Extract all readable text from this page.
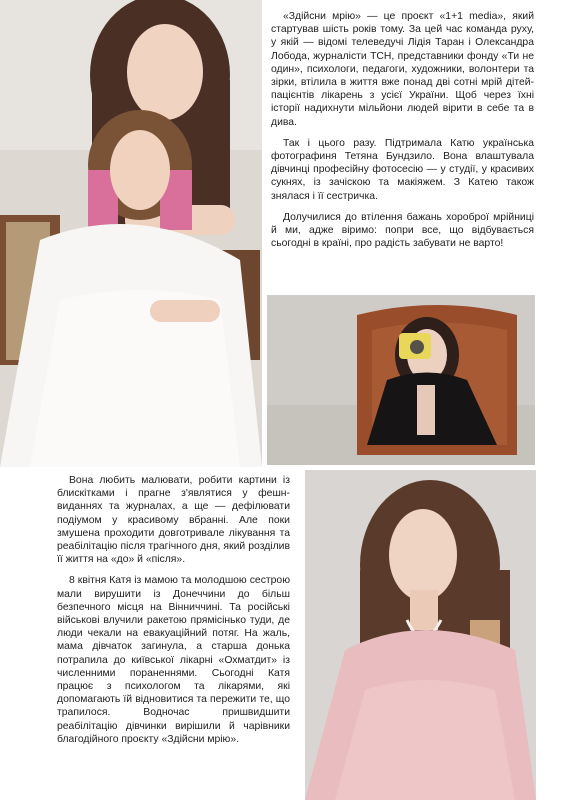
«Здійсни мрію» — це проєкт «1+1 media», який стартував шість років тому. За цей час команда руху, у якій — відомі телеведучі Лідія Таран і Олександра Лобода, журналісти ТСН, представники фонду «Ти не один», психологи, педагоги, художники, волонтери та зірки, втілила в життя вже понад дві сотні мрій дітей-пацієнтів лікарень з усієї України. Щоб через їхні історії надихнути мільйони людей вірити в себе та в дива.

Так і цього разу. Підтримала Катю українська фотографиня Тетяна Бундзило. Вона влаштувала дівчинці професійну фотосесію — у студії, у красивих сукнях, із зачіскою та макіяжем. З Катею також знялася і її сестричка.

Долучилися до втілення бажань хороброї мрійниці й ми, адже віримо: попри все, що відбувається сьогодні в країні, про радість забувати не варто!

Вона любить малювати, робити картини із блискітками і прагне з'являтися у фешн-виданнях та журналах, а ще — дефілювати подіумом у красивому вбранні. Але поки змушена проходити довготривале лікування та реабілітацію після трагічного дня, який розділив її життя на «до» й «після».

8 квітня Катя із мамою та молодшою сестрою мали вирушити із Донеччини до більш безпечного місця на Вінниччині. Та російські військові влучили ракетою прямісінько туди, де люди чекали на евакуаційний потяг. На жаль, мама дівчаток загинула, а старша донька потрапила до київської лікарні «Охматдит» із численними пораненнями. Сьогодні Катя працює з психологом та лікарями, які допомагають їй відновитися та пережити те, що трапилося. Водночас пришвидшити реабілітацію дівчинки вирішили й чарівники благодійного проєкту «Здійсни мрію».
